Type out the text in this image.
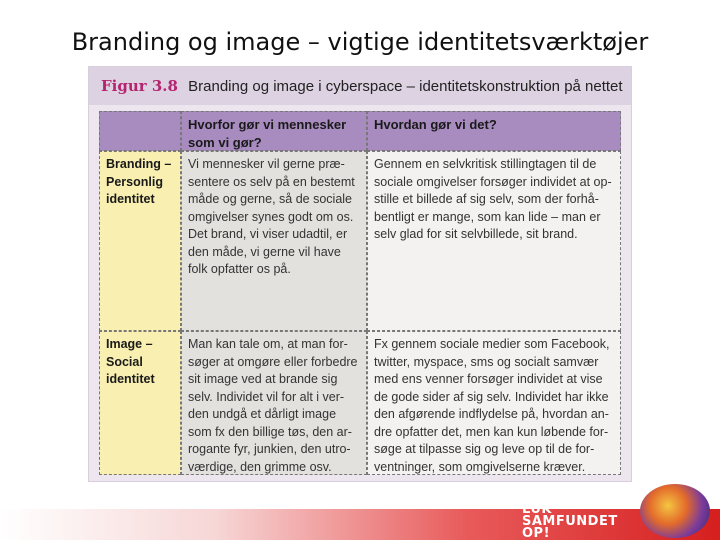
Branding og image – vigtige identitetsværktøjer
Figur 3.8 Branding og image i cyberspace – identitetskonstruktion på nettet
Hvorfor gør vi mennesker som vi gør?
Hvordan gør vi det?
Branding – Personlig identitet
Vi mennesker vil gerne præ-sentere os selv på en bestemt måde og gerne, så de sociale omgivelser synes godt om os. Det brand, vi viser udadtil, er den måde, vi gerne vil have folk opfatter os på.
Gennem en selvkritisk stillingtagen til de sociale omgivelser forsøger individet at op-stille et billede af sig selv, som der forhå-bentligt er mange, som kan lide – man er selv glad for sit selvbillede, sit brand.
Image – Social identitet
Man kan tale om, at man for-søger at omgøre eller forbedre sit image ved at brande sig selv. Individet vil for alt i ver-den undgå et dårligt image som fx den billige tøs, den ar-rogante fyr, junkien, den utro-værdige, den grimme osv.
Fx gennem sociale medier som Facebook, twitter, myspace, sms og socialt samvær med ens venner forsøger individet at vise de gode sider af sig selv. Individet har ikke den afgørende indflydelse på, hvordan an-dre opfatter det, men kan kun løbende for-søge at tilpasse sig og leve op til de for-ventninger, som omgivelserne kræver.
LUK
SAMFUNDET
OP!
